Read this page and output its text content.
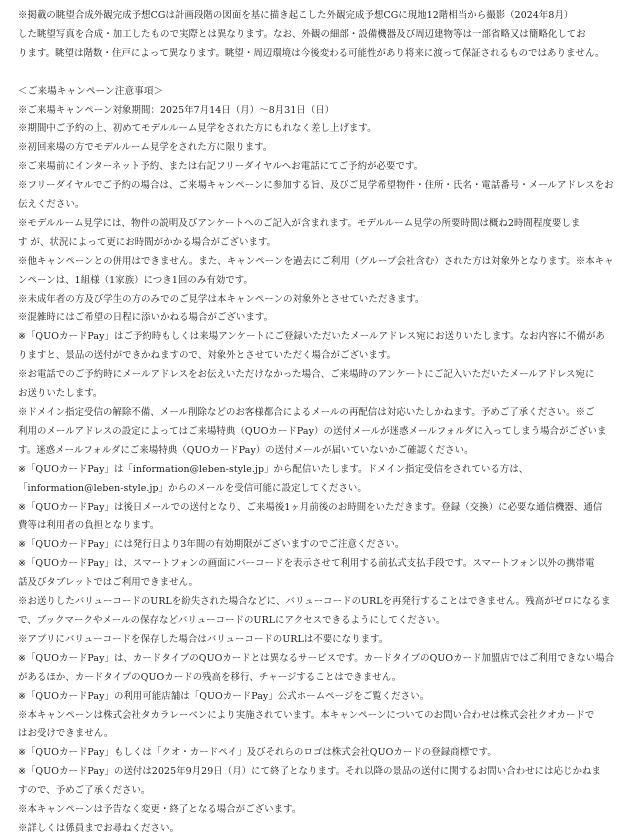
※掲載の眺望合成外観完成予想CGは計画段階の図面を基に描き起こした外観完成予想CGに現地12階相当から撮影（2024年8月）

した眺望写真を合成・加工したもので実際とは異なります。なお、外観の細部・設備機器及び周辺建物等は一部省略又は簡略化してお

ります。眺望は階数・住戸によって異なります。眺望・周辺環境は今後変わる可能性があり将来に渡って保証されるものではありません。

＜ご来場キャンペーン注意事項＞

※ご来場キャンペーン対象期間：2025年7月14日（月）～8月31日（日）

※期間中ご予約の上、初めてモデルルーム見学をされた方にもれなく差し上げます。

※初回来場の方でモデルルーム見学をされた方に限ります。

※ご来場前にインターネット予約、または右記フリーダイヤルへお電話にてご予約が必要です。

※フリーダイヤルでご予約の場合は、ご来場キャンペーンに参加する旨、及びご見学希望物件・住所・氏名・電話番号・メールアドレスをお

伝えください。

※モデルルーム見学には、物件の説明及びアンケートへのご記入が含まれます。モデルルーム見学の所要時間は概ね2時間程度要しま

す が、状況によって更にお時間がかかる場合がございます。

※他キャンペーンとの併用はできません。また、キャンペーンを過去にご利用（グループ会社含む）された方は対象外となります。※本キャ

ンペーンは、1組様（1家族）につき1回のみ有効です。

※未成年者の方及び学生の方のみでのご見学は本キャンペーンの対象外とさせていただきます。

※混雑時にはご希望の日程に添いかねる場合がございます。

※「QUOカードPay」はご予約時もしくは来場アンケートにご登録いただいたメールアドレス宛にお送りいたします。なお内容に不備があ

りますと、景品の送付ができかねますので、対象外とさせていただく場合がございます。

※お電話でのご予約時にメールアドレスをお伝えいただけなかった場合、ご来場時のアンケートにご記入いただいたメールアドレス宛に

お送りいたします。

※ドメイン指定受信の解除不備、メール削除などのお客様都合によるメールの再配信は対応いたしかねます。予めご了承ください。※ご

利用のメールアドレスの設定によってはご来場特典（QUOカードPay）の送付メールが迷惑メールフォルダに入ってしまう場合がございま

す。迷惑メールフォルダにご来場特典（QUOカードPay）の送付メールが届いていないかご確認ください。

※「QUOカードPay」は「information@leben-style.jp」から配信いたします。ドメイン指定受信をされている方は、

「information@leben-style.jp」からのメールを受信可能に設定してください。

※「QUOカードPay」は後日メールでの送付となり、ご来場後1ヶ月前後のお時間をいただきます。登録（交換）に必要な通信機器、通信

費等は利用者の負担となります。

※「QUOカードPay」には発行日より3年間の有効期限がございますのでご注意ください。

※「QUOカードPay」は、スマートフォンの画面にバーコードを表示させて利用する前払式支払手段です。スマートフォン以外の携帯電

話及びタブレットではご利用できません。

※お送りしたバリューコードのURLを紛失された場合などに、バリューコードのURLを再発行することはできません。残高がゼロになるま

で、ブックマークやメールの保存などバリューコードのURLにアクセスできるようにしてください。

※アプリにバリューコードを保存した場合はバリューコードのURLは不要になります。

※「QUOカードPay」は、カードタイプのQUOカードとは異なるサービスです。カードタイプのQUOカード加盟店ではご利用できない場合

があるほか、カードタイプのQUOカードの残高を移行、チャージすることはできません。

※「QUOカードPay」の利用可能店舗は「QUOカードPay」公式ホームページをご覧ください。

※本キャンペーンは株式会社タカラレーベンにより実施されています。本キャンペーンについてのお問い合わせは株式会社クオカードで

はお受けできません。

※「QUOカードPay」もしくは「クオ・カードペイ」及びそれらのロゴは株式会社QUOカードの登録商標です。

※「QUOカードPay」の送付は2025年9月29日（月）にて終了となります。それ以降の景品の送付に関するお問い合わせには応じかねま

すので、予めご了承ください。

※本キャンペーンは予告なく変更・終了となる場合がございます。

※詳しくは係員までお尋ねください。
